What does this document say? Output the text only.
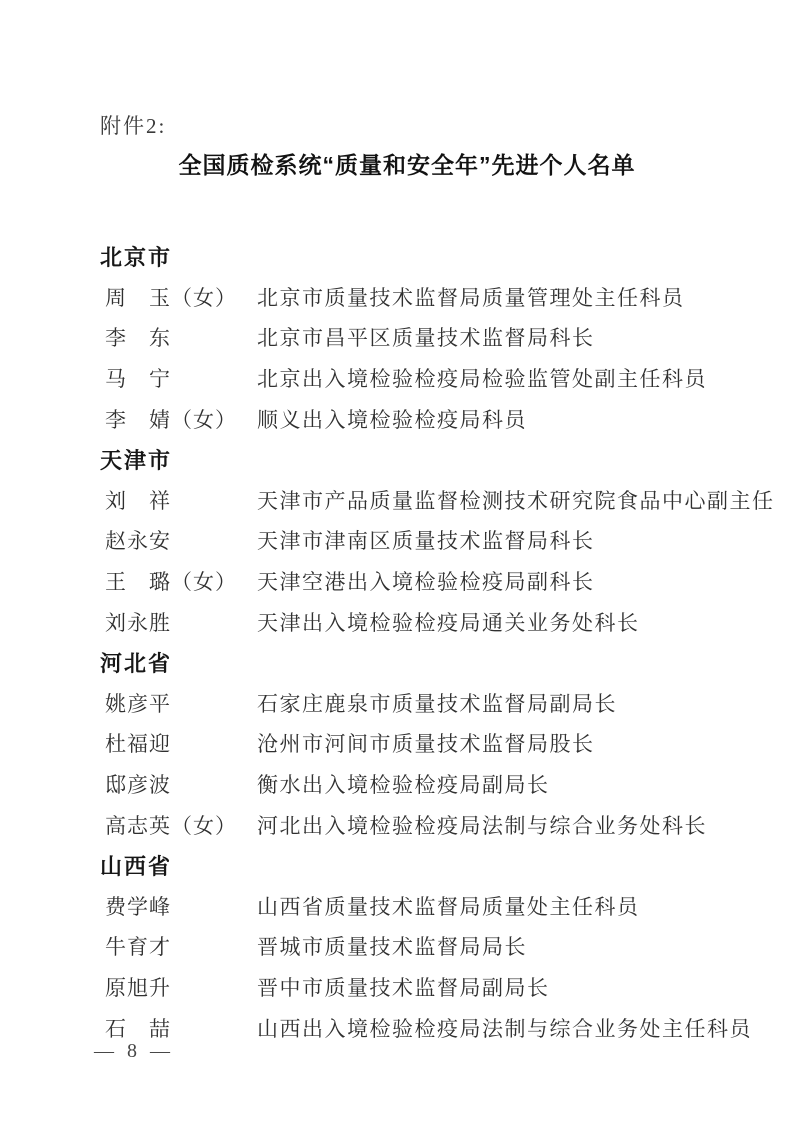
附件2:
全国质检系统“质量和安全年”先进个人名单
北京市
周　玉（女） 北京市质量技术监督局质量管理处主任科员
李　东	北京市昌平区质量技术监督局科长
马　宁	北京出入境检验检疫局检验监管处副主任科员
李　婧（女） 顺义出入境检验检疫局科员
天津市
刘　祥	天津市产品质量监督检测技术研究院食品中心副主任
赵永安	天津市津南区质量技术监督局科长
王　璐（女） 天津空港出入境检验检疫局副科长
刘永胜	天津出入境检验检疫局通关业务处科长
河北省
姚彦平	石家庄鹿泉市质量技术监督局副局长
杜福迎	沧州市河间市质量技术监督局股长
邸彦波	衡水出入境检验检疫局副局长
高志英（女） 河北出入境检验检疫局法制与综合业务处科长
山西省
费学峰	山西省质量技术监督局质量处主任科员
牛育才	晋城市质量技术监督局局长
原旭升	晋中市质量技术监督局副局长
石　喆	山西出入境检验检疫局法制与综合业务处主任科员
— 8 —
